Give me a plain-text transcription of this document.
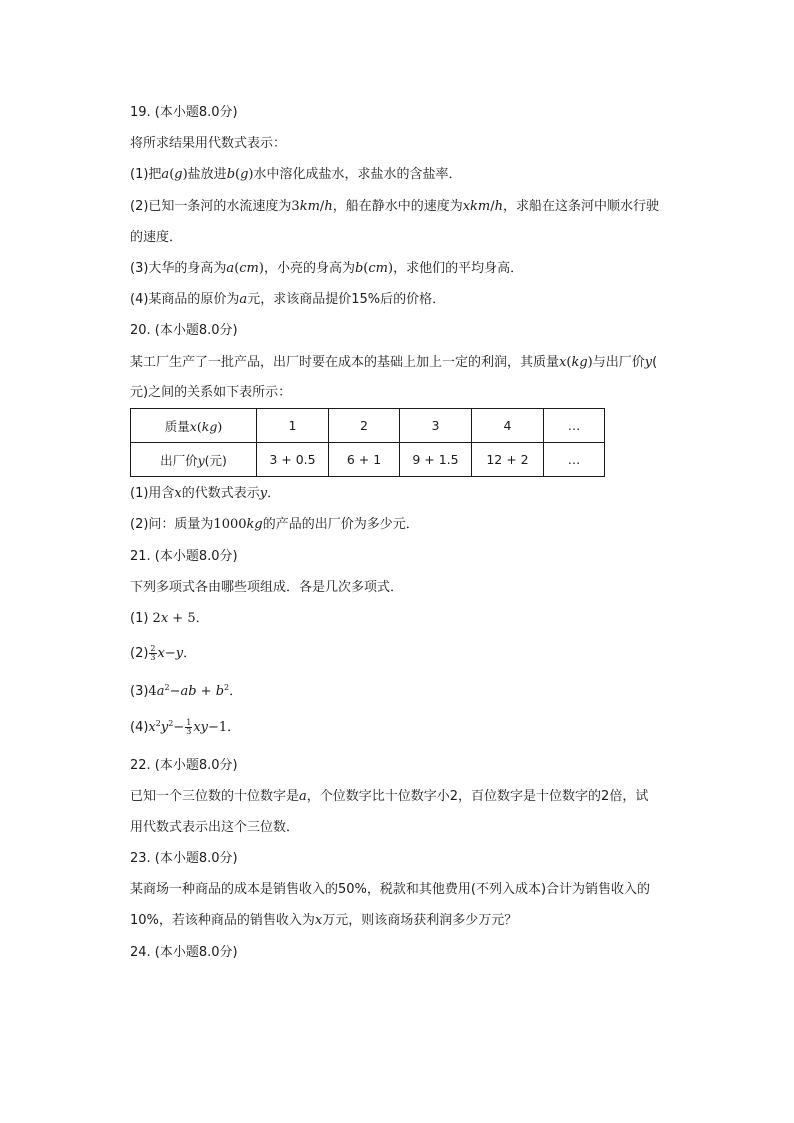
19. (本小题8.0分)
将所求结果用代数式表示：
(1)把a(g)盐放进b(g)水中溶化成盐水，求盐水的含盐率．
(2)已知一条河的水流速度为3km/h，船在静水中的速度为xkm/h，求船在这条河中顺水行驶
的速度．
(3)大华的身高为a(cm)，小亮的身高为b(cm)，求他们的平均身高．
(4)某商品的原价为a元，求该商品提价15%后的价格．
20. (本小题8.0分)
某工厂生产了一批产品，出厂时要在成本的基础上加上一定的利润，其质量x(kg)与出厂价y(
元)之间的关系如下表所示：
质量x(kg)	1	2	3	4	…
出厂价y(元)	3 + 0.5	6 + 1	9 + 1.5	12 + 2	…
(1)用含x的代数式表示y．
(2)问：质量为1000kg的产品的出厂价为多少元．
21. (本小题8.0分)
下列多项式各由哪些项组成．各是几次多项式．
(1) 2x + 5．
$(2) \frac{2}{3} x-y$．
$(3)4a^2-ab + b^2$．
$(4)x^2y^2- \frac{1}{3} xy-1$．
22. (本小题8.0分)
已知一个三位数的十位数字是a，个位数字比十位数字小2，百位数字是十位数字的2倍，试
用代数式表示出这个三位数．
23. (本小题8.0分)
某商场一种商品的成本是销售收入的50%，税款和其他费用(不列入成本)合计为销售收入的
10%，若该种商品的销售收入为x万元，则该商场获利润多少万元？
24. (本小题8.0分)
